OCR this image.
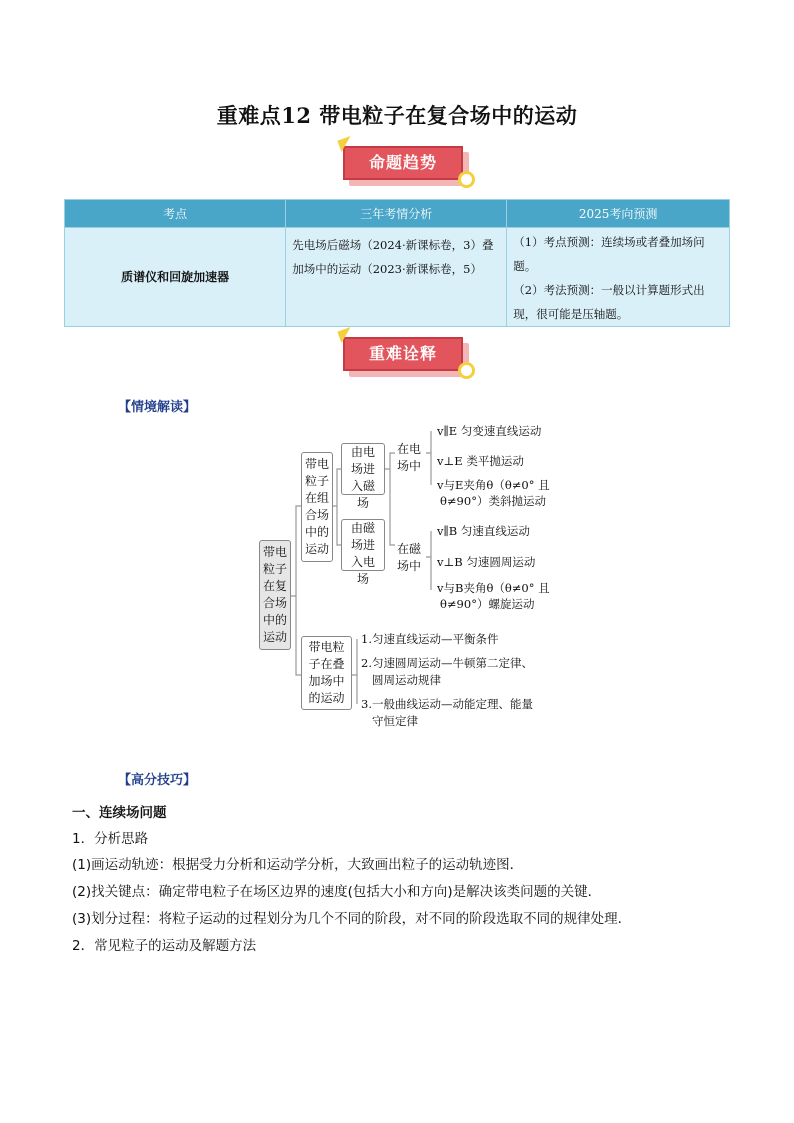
重难点12 带电粒子在复合场中的运动
命题趋势
考点	三年考情分析	2025考向预测
质谱仪和回旋加速器	先电场后磁场（2024·新课标卷，3）叠加场中的运动（2023·新课标卷，5）	（1）考点预测：连续场或者叠加场问题。
（2）考法预测：一般以计算题形式出现，很可能是压轴题。
重难诠释
【情境解读】
带电粒子在复合场中的运动
带电粒子在组合场中的运动
由电场进入磁场
由磁场进入电场
在电场中
在磁场中
v∥E 匀变速直线运动
v⊥E 类平抛运动
v与E夹角θ（θ≠0° 且
θ≠90°）类斜抛运动
v∥B 匀速直线运动
v⊥B 匀速圆周运动
v与B夹角θ（θ≠0° 且
θ≠90°）螺旋运动
带电粒子在叠加场中的运动
1.匀速直线运动—平衡条件
2.匀速圆周运动—牛顿第二定律、
圆周运动规律
3.一般曲线运动—动能定理、能量
守恒定律
【高分技巧】
一、连续场问题
1．分析思路
(1)画运动轨迹：根据受力分析和运动学分析，大致画出粒子的运动轨迹图．
(2)找关键点：确定带电粒子在场区边界的速度(包括大小和方向)是解决该类问题的关键．
(3)划分过程：将粒子运动的过程划分为几个不同的阶段，对不同的阶段选取不同的规律处理．
2．常见粒子的运动及解题方法
